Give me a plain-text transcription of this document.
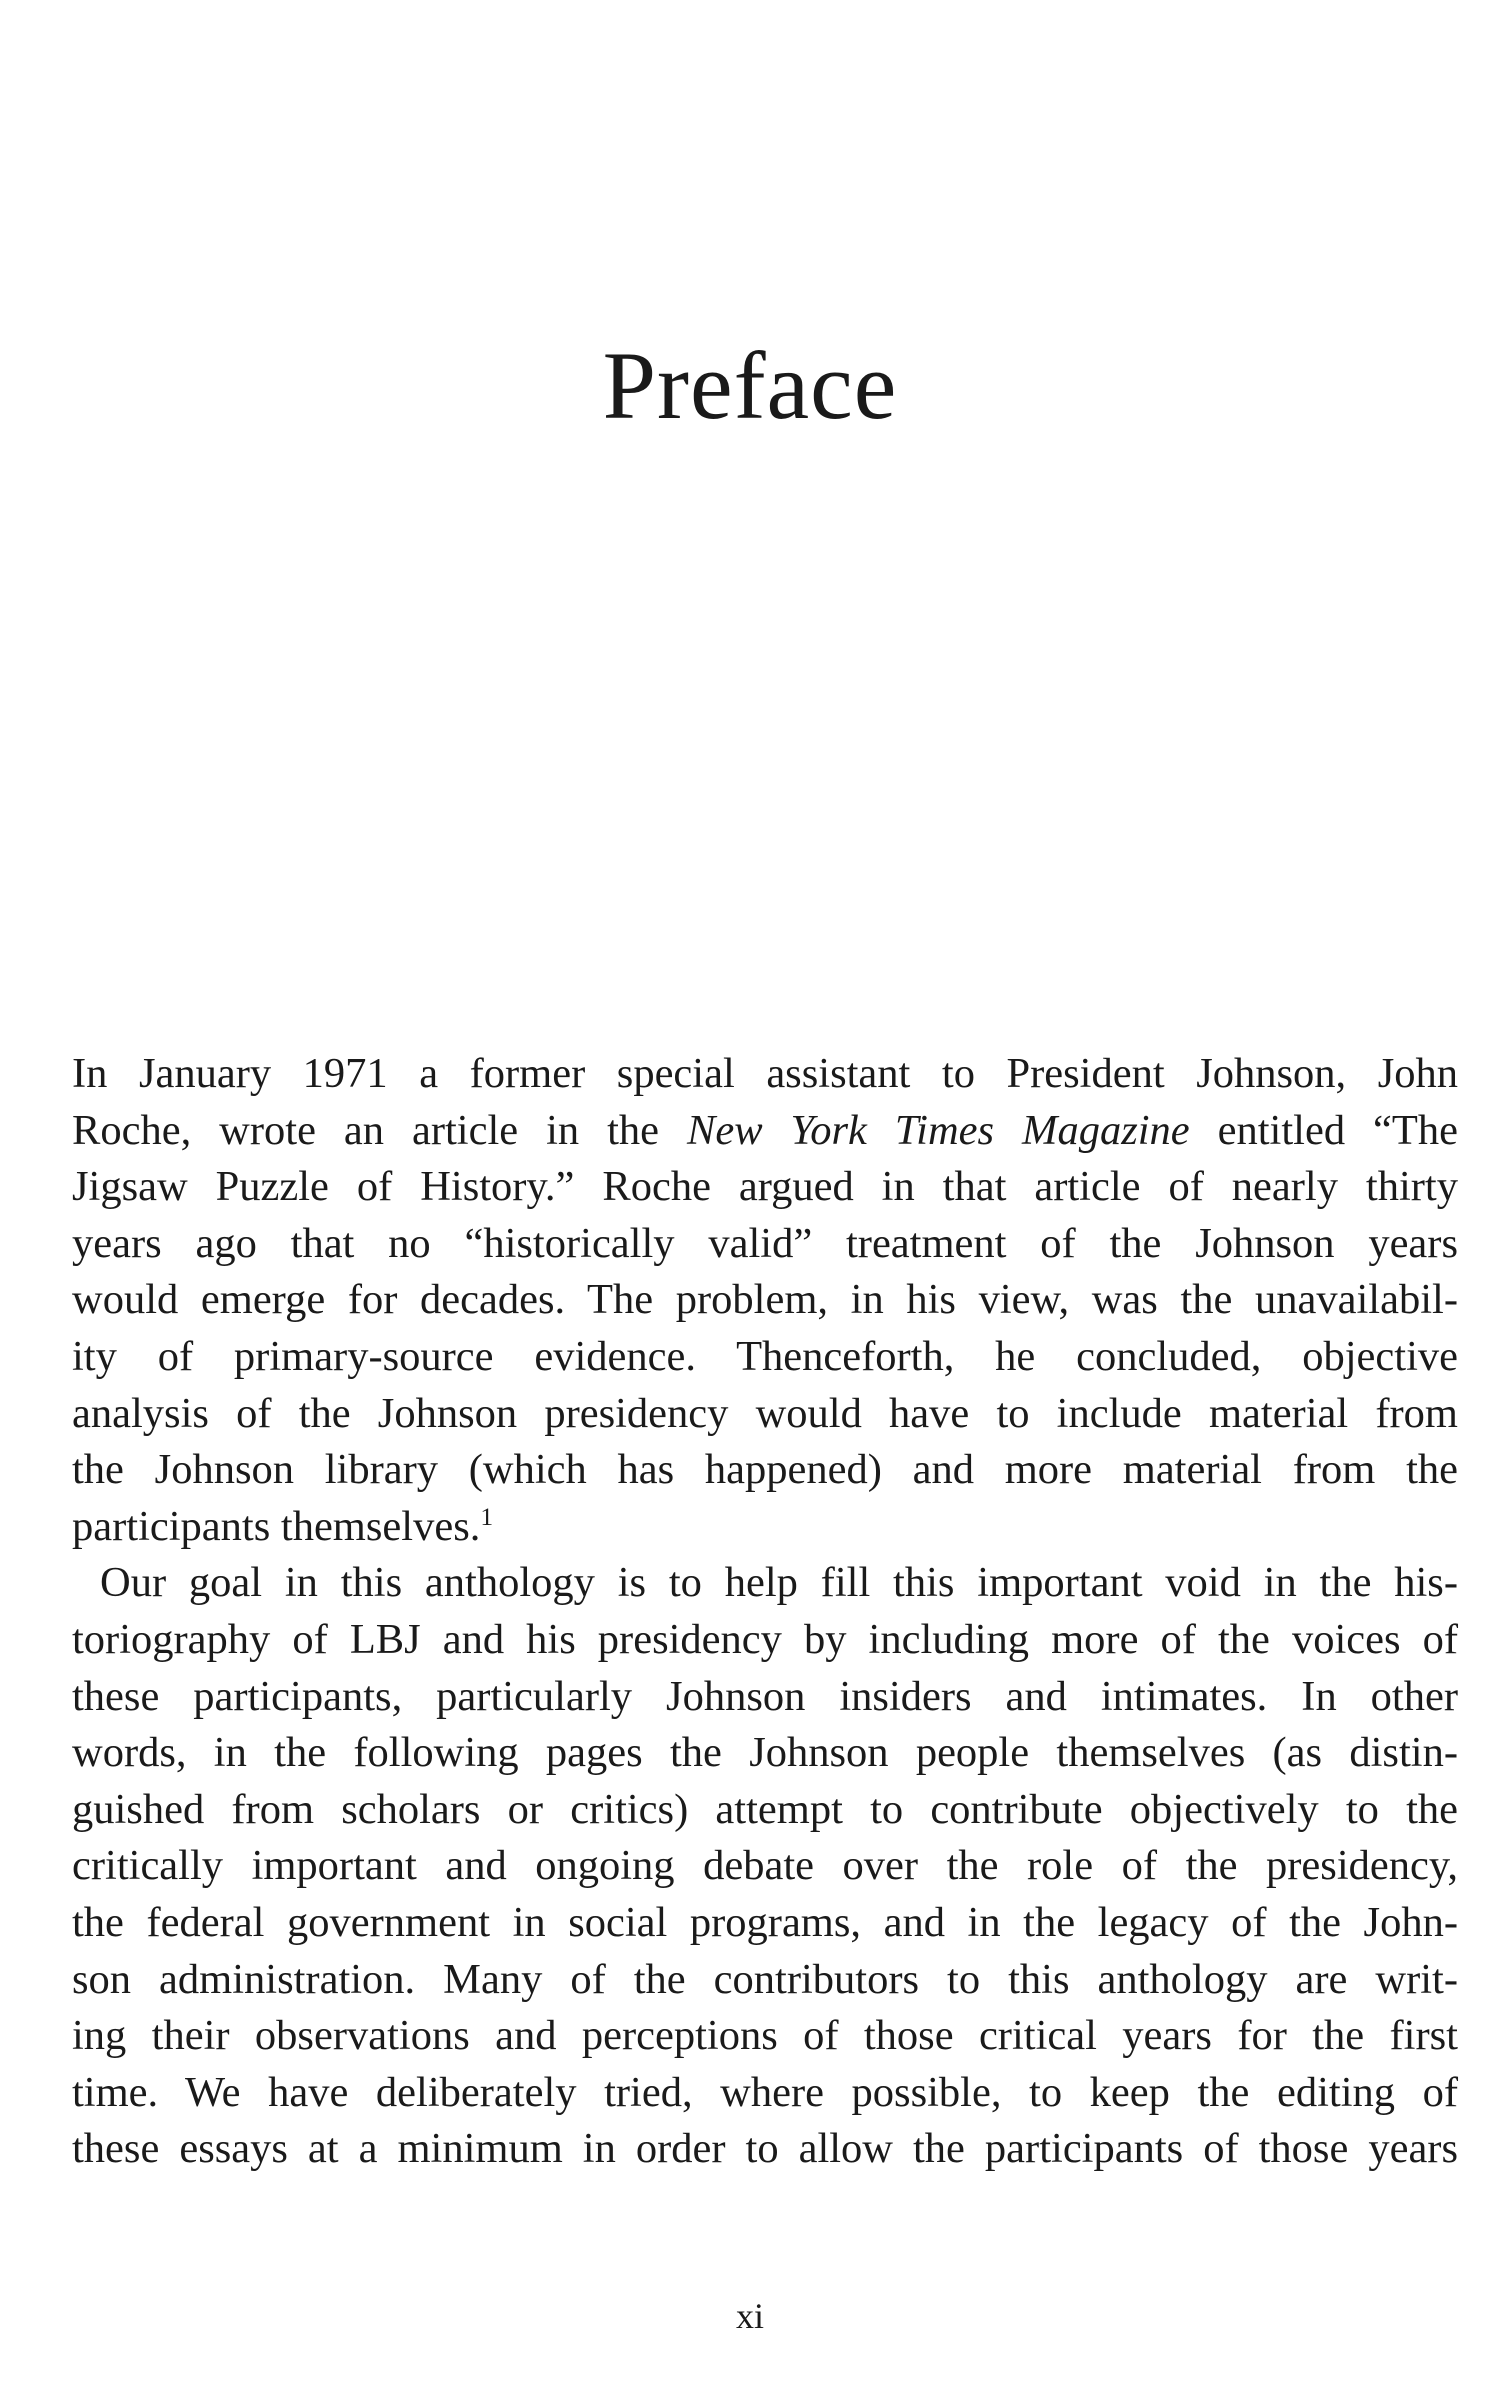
Preface
In January 1971 a former special assistant to President Johnson, John
Roche, wrote an article in the New York Times Magazine entitled “The
Jigsaw Puzzle of History.” Roche argued in that article of nearly thirty
years ago that no “historically valid” treatment of the Johnson years
would emerge for decades. The problem, in his view, was the unavailabil-
ity of primary-source evidence. Thenceforth, he concluded, objective
analysis of the Johnson presidency would have to include material from
the Johnson library (which has happened) and more material from the
participants themselves.$^1$
Our goal in this anthology is to help fill this important void in the his-
toriography of LBJ and his presidency by including more of the voices of
these participants, particularly Johnson insiders and intimates. In other
words, in the following pages the Johnson people themselves (as distin-
guished from scholars or critics) attempt to contribute objectively to the
critically important and ongoing debate over the role of the presidency,
the federal government in social programs, and in the legacy of the John-
son administration. Many of the contributors to this anthology are writ-
ing their observations and perceptions of those critical years for the first
time. We have deliberately tried, where possible, to keep the editing of
these essays at a minimum in order to allow the participants of those years
xi
